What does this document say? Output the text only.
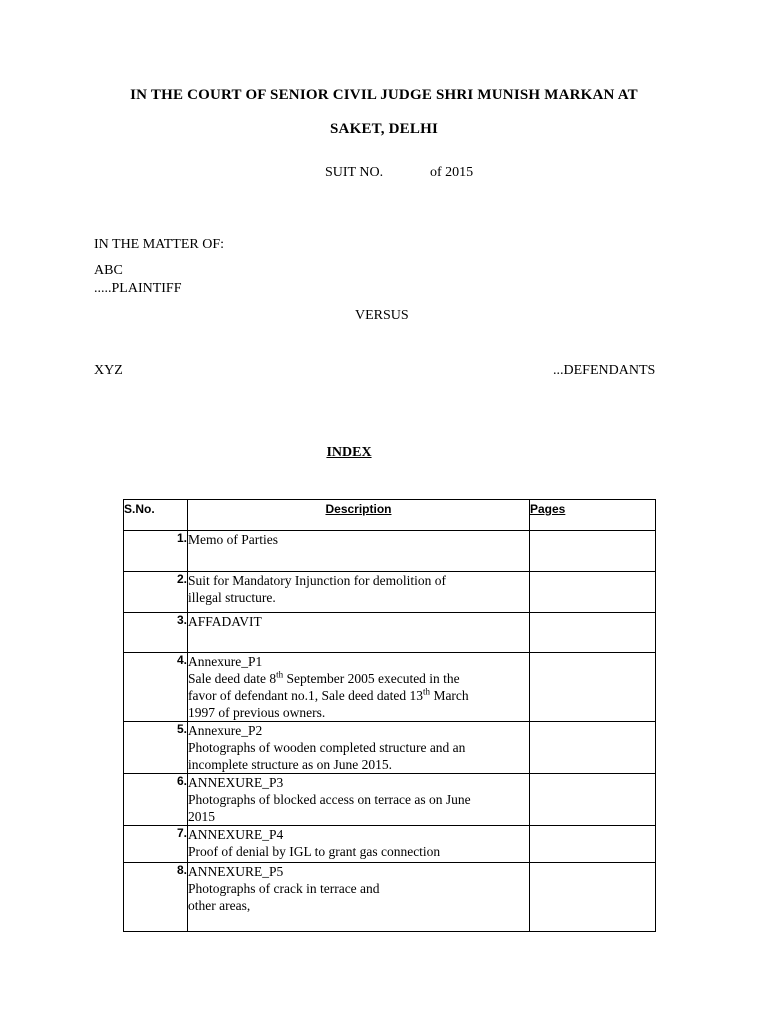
IN THE COURT OF SENIOR CIVIL JUDGE SHRI MUNISH MARKAN AT
SAKET, DELHI
SUIT NO.	of 2015
IN THE MATTER OF:
ABC
.....PLAINTIFF
VERSUS
XYZ	...DEFENDANTS
INDEX
S.No.	Description	Pages
1.	Memo of Parties	

2.	Suit for Mandatory Injunction for demolition of
illegal structure.	

3.	AFFADAVIT	

4.	Annexure_P1
Sale deed date 8th September 2005 executed in the
favor of defendant no.1, Sale deed dated 13th March
1997 of previous owners.	

5.	Annexure_P2
Photographs of wooden completed structure and an
incomplete structure as on June 2015.	

6.	ANNEXURE_P3
Photographs of blocked access on terrace as on June
2015	

7.	ANNEXURE_P4
Proof of denial by IGL to grant gas connection	

8.	ANNEXURE_P5
Photographs of crack in terrace and
other areas,	
